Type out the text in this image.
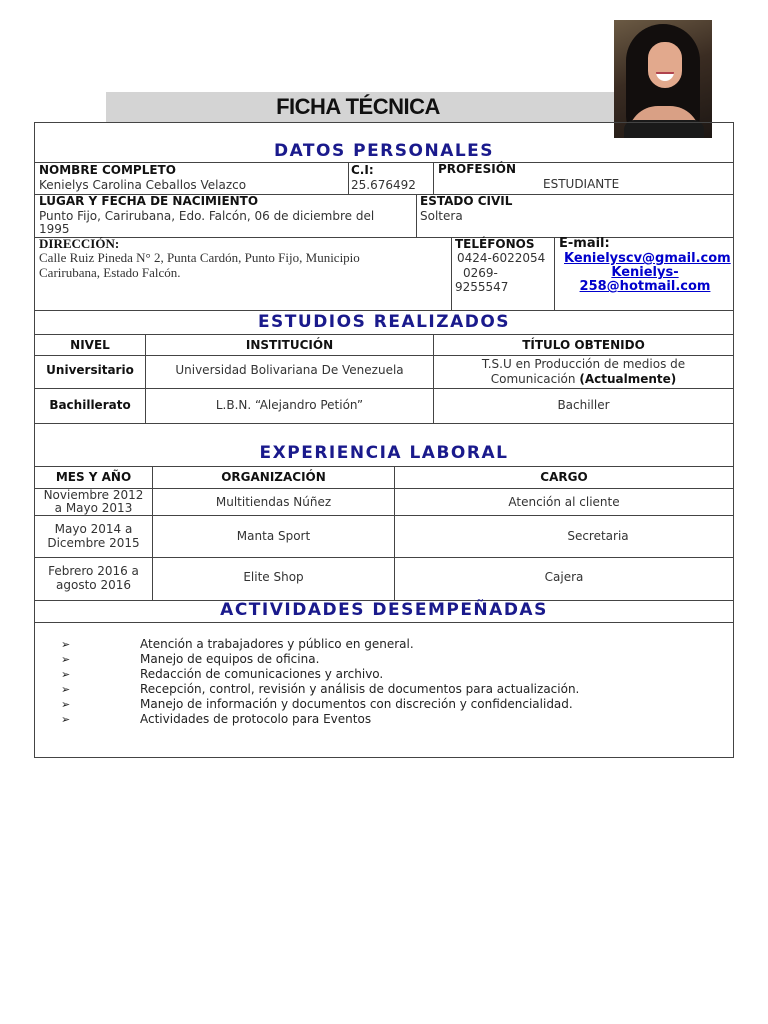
FICHA TÉCNICA
DATOS PERSONALES
NOMBRE COMPLETO
Kenielys Carolina Ceballos Velazco
C.I:
25.676492
PROFESIÓN
ESTUDIANTE
LUGAR Y FECHA DE NACIMIENTO
Punto Fijo, Carirubana, Edo. Falcón, 06 de diciembre del
1995
ESTADO CIVIL
Soltera
DIRECCIÓN:
Calle Ruiz Pineda N° 2, Punta Cardón, Punto Fijo, Municipio
Carirubana, Estado Falcón.
TELÉFONOS
0424-6022054
0269-
9255547
E-mail:
Kenielyscv@gmail.com
Kenielys-
258@hotmail.com
ESTUDIOS REALIZADOS
NIVEL	INSTITUCIÓN	TÍTULO OBTENIDO
Universitario	Universidad Bolivariana De Venezuela	T.S.U en Producción de medios de
Comunicación (Actualmente)
Bachillerato	L.B.N. “Alejandro Petión”	Bachiller
EXPERIENCIA LABORAL
MES Y AÑO	ORGANIZACIÓN	CARGO
Noviembre 2012
a Mayo 2013	Multitiendas Núñez	Atención al cliente
Mayo 2014 a
Dicembre 2015	Manta Sport	Secretaria
Febrero 2016 a
agosto 2016
Elite Shop	Cajera
ACTIVIDADES DESEMPEÑADAS
➢	Atención a trabajadores y público en general.
➢	Manejo de equipos de oficina.
➢	Redacción de comunicaciones y archivo.
➢	Recepción, control, revisión y análisis de documentos para actualización.
➢	Manejo de información y documentos con discreción y confidencialidad.
➢	Actividades de protocolo para Eventos
